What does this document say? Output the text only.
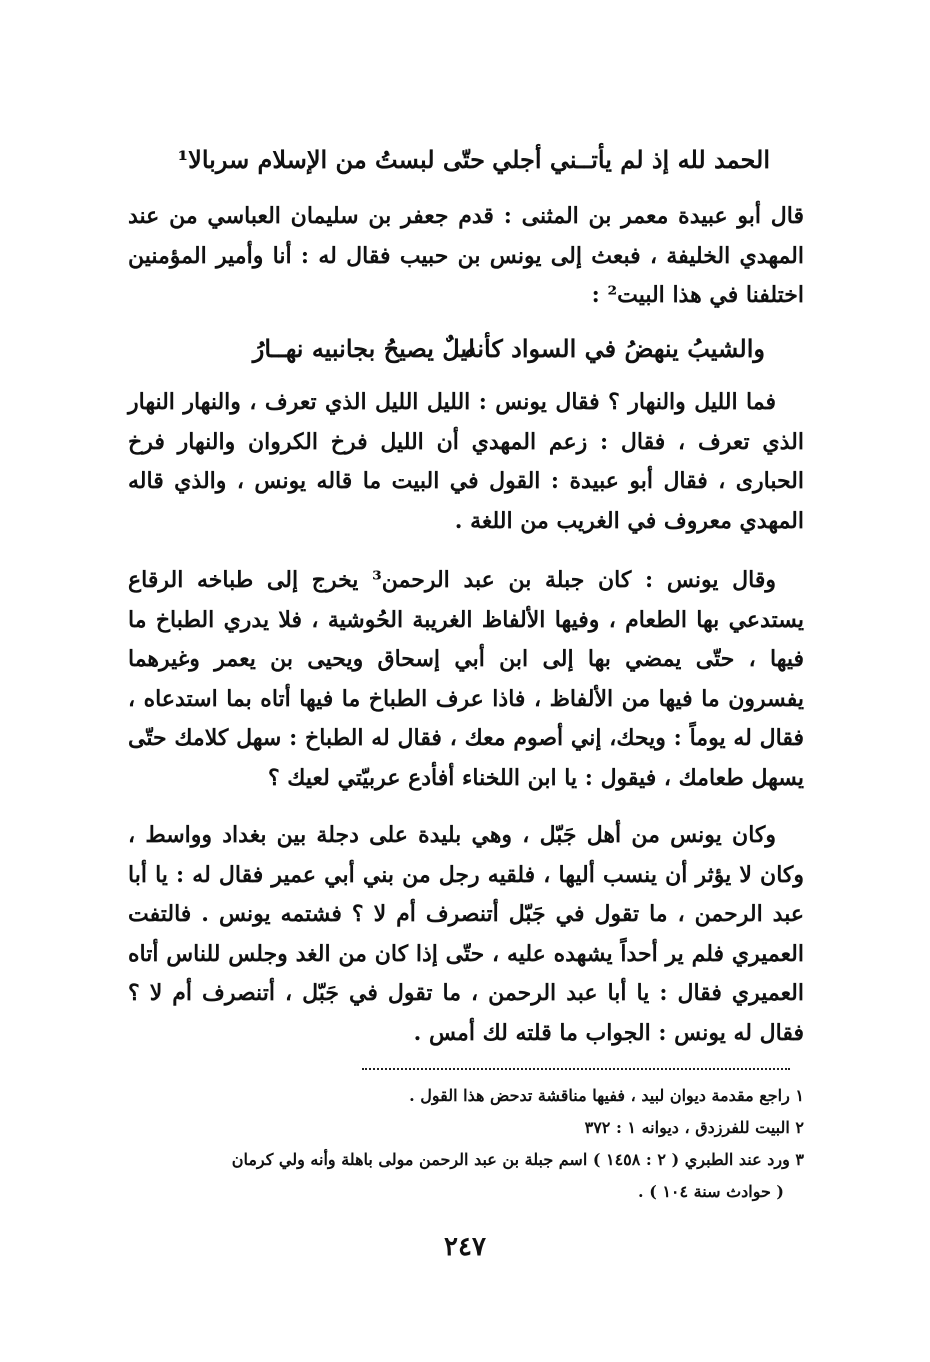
الحمد لله إذ لم يأتــني أجلي
حتّى لبستُ من الإسلام سربالا¹
قال أبو عبيدة معمر بن المثنى : قدم جعفر بن سليمان العباسي من عند المهدي الخليفة ، فبعث إلى يونس بن حبيب فقال له : أنا وأمير المؤمنين اختلفنا في هذا البيت² :
والشيبُ ينهضُ في السواد كأنه
ليلٌ يصيحُ بجانبيه نهــارُ
فما الليل والنهار ؟ فقال يونس : الليل الليل الذي تعرف ، والنهار النهار الذي تعرف ، فقال : زعم المهدي أن الليل فرخ الكروان والنهار فرخ الحبارى ، فقال أبو عبيدة : القول في البيت ما قاله يونس ، والذي قاله المهدي معروف في الغريب من اللغة .
وقال يونس : كان جبلة بن عبد الرحمن³ يخرج إلى طباخه الرقاع يستدعي بها الطعام ، وفيها الألفاظ الغريبة الحُوشية ، فلا يدري الطباخ ما فيها ، حتّى يمضي بها إلى ابن أبي إسحاق ويحيى بن يعمر وغيرهما يفسرون ما فيها من الألفاظ ، فاذا عرف الطباخ ما فيها أتاه بما استدعاه ، فقال له يوماً : ويحك، إني أصوم معك ، فقال له الطباخ : سهل كلامك حتّى يسهل طعامك ، فيقول : يا ابن اللخناء أفأدع عربيّتي لعيك ؟
وكان يونس من أهل جَبّل ، وهي بليدة على دجلة بين بغداد وواسط ، وكان لا يؤثر أن ينسب أليها ، فلقيه رجل من بني أبي عمير فقال له : يا أبا عبد الرحمن ، ما تقول في جَبّل أتنصرف أم لا ؟ فشتمه يونس . فالتفت العميري فلم ير أحداً يشهده عليه ، حتّى إذا كان من الغد وجلس للناس أتاه العميري فقال : يا أبا عبد الرحمن ، ما تقول في جَبّل ، أتنصرف أم لا ؟ فقال له يونس : الجواب ما قلته لك أمس .
١ راجع مقدمة ديوان لبيد ، ففيها مناقشة تدحض هذا القول .
٢ البيت للفرزدق ، ديوانه ١ : ٣٧٢
٣ ورد عند الطبري ( ٢ : ١٤٥٨ ) اسم جبلة بن عبد الرحمن مولى باهلة وأنه ولي كرمان
( حوادث سنة ١٠٤ ) .
٢٤٧
